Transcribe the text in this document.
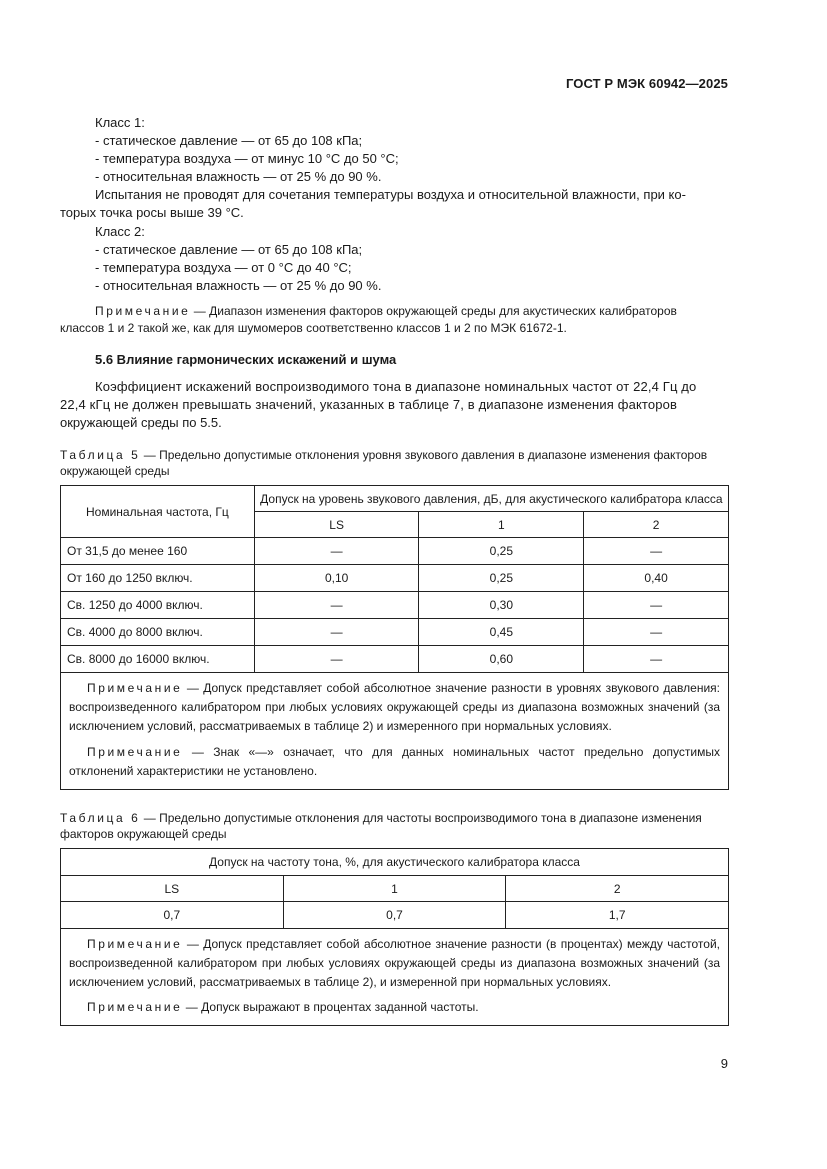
ГОСТ Р МЭК 60942—2025

Класс 1:

- статическое давление — от 65 до 108 кПа;

- температура воздуха — от минус 10 °С до 50 °С;

- относительная влажность — от 25 % до 90 %.

Испытания не проводят для сочетания температуры воздуха и относительной влажности, при ко-

торых точка росы выше 39 °С.

Класс 2:

- статическое давление — от 65 до 108 кПа;

- температура воздуха — от 0 °С до 40 °С;

- относительная влажность — от 25 % до 90 %.

Примечание — Диапазон изменения факторов окружающей среды для акустических калибраторов

классов 1 и 2 такой же, как для шумомеров соответственно классов 1 и 2 по МЭК 61672-1.

5.6 Влияние гармонических искажений и шума

Коэффициент искажений воспроизводимого тона в диапазоне номинальных частот от 22,4 Гц до

22,4 кГц не должен превышать значений, указанных в таблице 7, в диапазоне изменения факторов

окружающей среды по 5.5.

Таблица 5 — Предельно допустимые отклонения уровня звукового давления в диапазоне изменения факторов

окружающей среды

Номинальная частота, Гц	Допуск на уровень звукового давления, дБ, для акустического калибратора класса		
	LS	1	2
От 31,5 до менее 160	—	0,25	—
От 160 до 1250 включ.	0,10	0,25	0,40
Св. 1250 до 4000 включ.	—	0,30	—
Св. 4000 до 8000 включ.	—	0,45	—
Св. 8000 до 16000 включ.	—	0,60	—

Примечание — Допуск представляет собой абсолютное значение разности в уровнях звукового давления: воспроизведенного калибратором при любых условиях окружающей среды из диапазона возможных значений (за исключением условий, рассматриваемых в таблице 2) и измеренного при нормальных условиях.

Примечание — Знак «—» означает, что для данных номинальных частот предельно допустимых отклонений характеристики не установлено.			

Таблица 6 — Предельно допустимые отклонения для частоты воспроизводимого тона в диапазоне изменения

факторов окружающей среды

Допуск на частоту тона, %, для акустического калибратора класса		
LS	1	2
0,7	0,7	1,7

Примечание — Допуск представляет собой абсолютное значение разности (в процентах) между частотой, воспроизведенной калибратором при любых условиях окружающей среды из диапазона возможных значений (за исключением условий, рассматриваемых в таблице 2), и измеренной при нормальных условиях.

Примечание — Допуск выражают в процентах заданной частоты.		

9
